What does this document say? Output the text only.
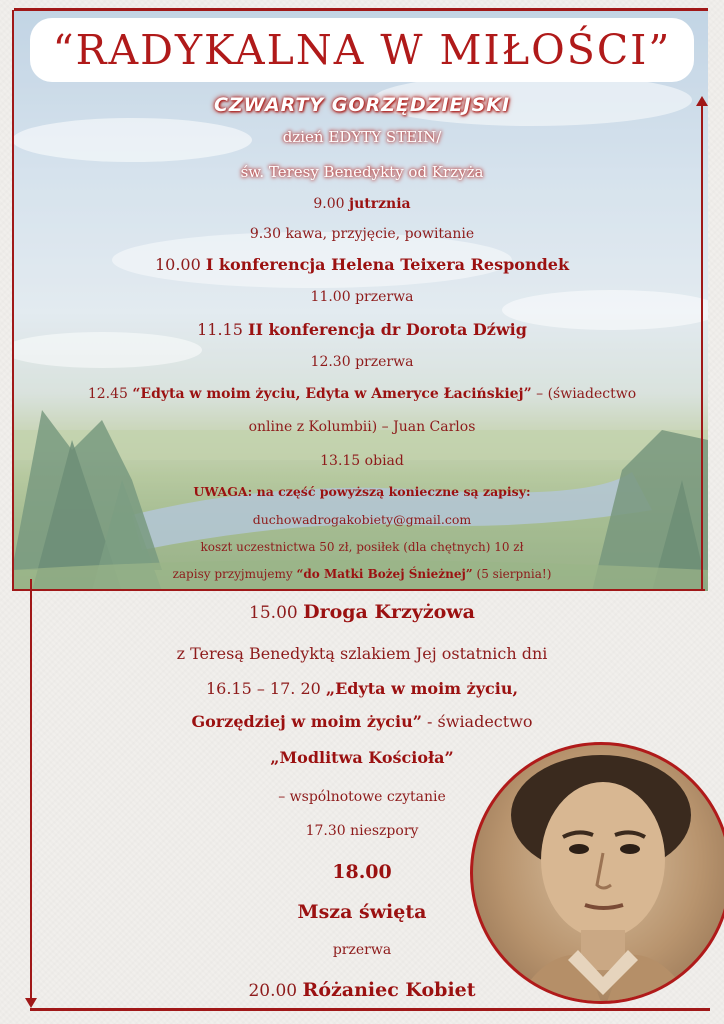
“RADYKALNA W MIŁOŚCI”
CZWARTY GORZĘDZIEJSKI
dzień EDYTY STEIN/
św. Teresy Benedykty od Krzyża
9.00 jutrznia
9.30 kawa, przyjęcie, powitanie
10.00 I konferencja Helena Teixera Respondek
11.00 przerwa
11.15 II konferencja dr Dorota Dźwig
12.30 przerwa
12.45 “Edyta w moim życiu, Edyta w Ameryce Łacińskiej” – (świadectwo
online z Kolumbii) – Juan Carlos
13.15 obiad
UWAGA: na część powyższą konieczne są zapisy:
duchowadrogakobiety@gmail.com
koszt uczestnictwa 50 zł, posiłek (dla chętnych) 10 zł
zapisy przyjmujemy “do Matki Bożej Śnieżnej” (5 sierpnia!)
15.00 Droga Krzyżowa
z Teresą Benedyktą szlakiem Jej ostatnich dni
16.15 – 17. 20 „Edyta w moim życiu,
Gorzędziej w moim życiu” - świadectwo
„Modlitwa Kościoła”
– wspólnotowe czytanie
17.30 nieszpory
18.00
Msza święta
przerwa
20.00 Różaniec Kobiet
